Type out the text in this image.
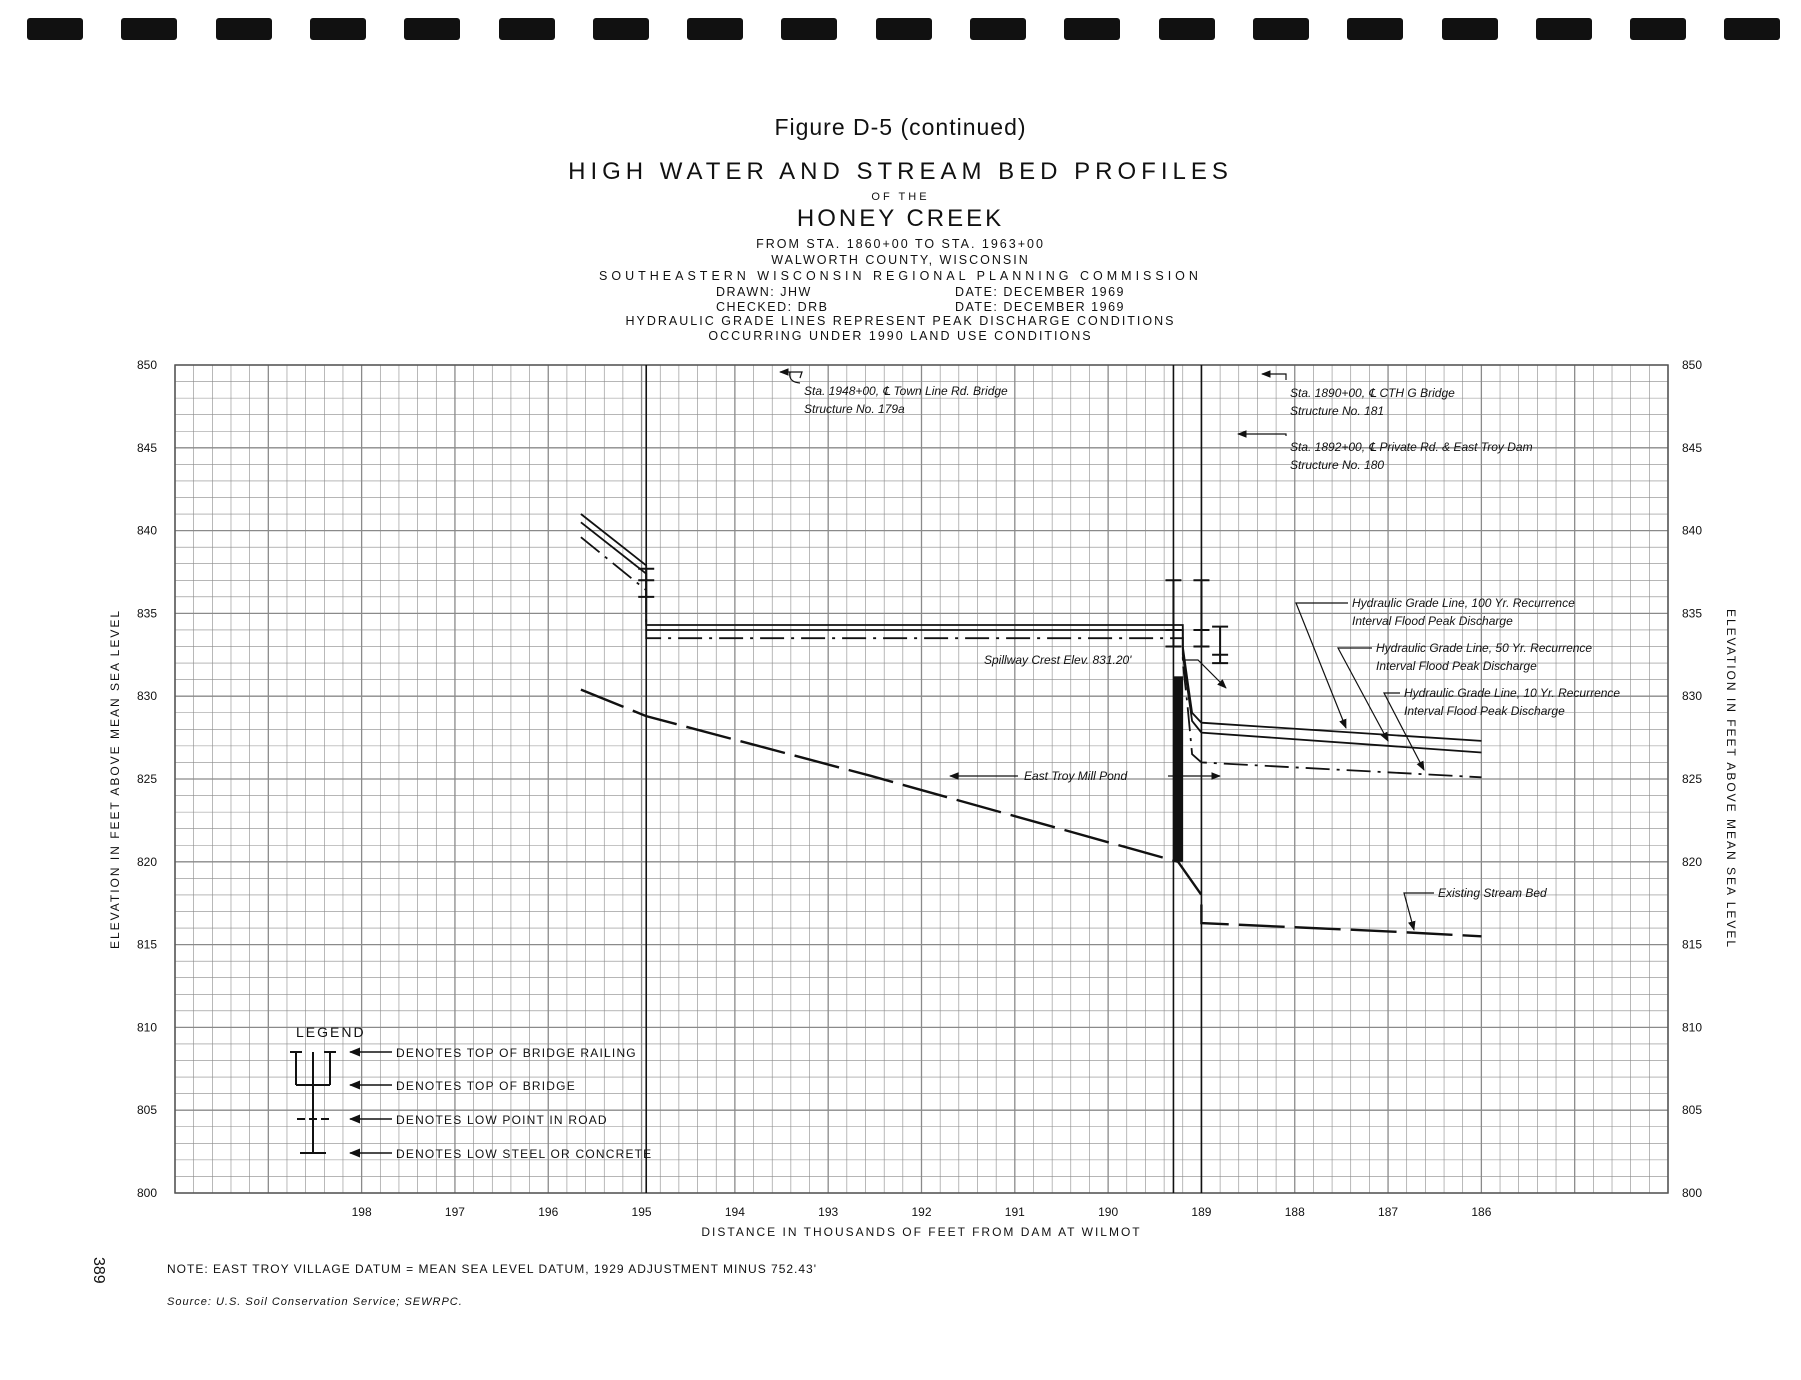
Figure D-5 (continued)
HIGH WATER AND STREAM BED PROFILES
OF THE
HONEY CREEK
FROM STA. 1860+00 TO STA. 1963+00
WALWORTH COUNTY, WISCONSIN
SOUTHEASTERN WISCONSIN REGIONAL PLANNING COMMISSION
DRAWN: JHW	DATE: DECEMBER 1969
CHECKED: DRB	DATE: DECEMBER 1969
HYDRAULIC GRADE LINES REPRESENT PEAK DISCHARGE CONDITIONS
OCCURRING UNDER 1990 LAND USE CONDITIONS
850	850
845	845
840	840
835	835
830	830
825	825
820	820
815	815
810	810
805	805
800	800
198	197	196	195	194	193	192	191	190	189	188	187	186
DISTANCE IN THOUSANDS OF FEET FROM DAM AT WILMOT
ELEVATION IN FEET ABOVE MEAN SEA LEVEL	ELEVATION IN FEET ABOVE MEAN SEA LEVEL
Sta. 1948+00, ℄ Town Line Rd. Bridge
Structure No. 179a
Sta. 1890+00, ℄ CTH G Bridge
Structure No. 181
Sta. 1892+00, ℄ Private Rd. & East Troy Dam
Structure No. 180
Hydraulic Grade Line, 100 Yr. Recurrence
Interval Flood Peak Discharge
Hydraulic Grade Line, 50 Yr. Recurrence
Interval Flood Peak Discharge
Hydraulic Grade Line, 10 Yr. Recurrence
Interval Flood Peak Discharge
Spillway Crest Elev. 831.20'
East Troy Mill Pond
Existing Stream Bed
LEGEND
DENOTES TOP OF BRIDGE RAILING
DENOTES TOP OF BRIDGE
DENOTES LOW POINT IN ROAD
DENOTES LOW STEEL OR CONCRETE
NOTE: EAST TROY VILLAGE DATUM = MEAN SEA LEVEL DATUM, 1929 ADJUSTMENT MINUS 752.43'
Source: U.S. Soil Conservation Service; SEWRPC.
389
